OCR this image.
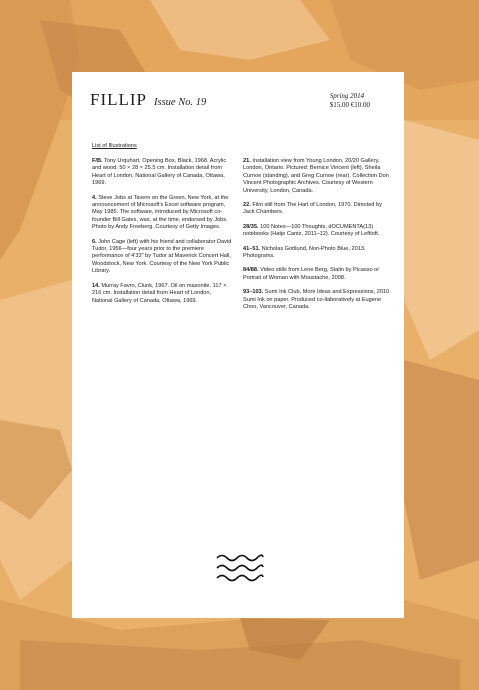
FILLIP Issue No. 19
Spring 2014
$15.00 €10.00
List of Illustrations
F/B. Tony Urquhart, Opening Box, Black, 1968. Acrylic and wood. 50 × 28 × 25.5 cm. Installation detail from Heart of London, National Gallery of Canada, Ottawa, 1969.
4. Steve Jobs at Tavern on the Green, New York, at the announcement of Microsoft's Excel software program, May 1985. The software, introduced by Microsoft co-founder Bill Gates, was, at the time, endorsed by Jobs. Photo by Andy Freeberg. Courtesy of Getty Images.
6. John Cage (left) with his friend and collaborator David Tudor, 1956—four years prior to the premiere performance of 4'33" by Tudor at Maverick Concert Hall, Woodstock, New York. Courtesy of the New York Public Library.
14. Murray Favro, Clunk, 1967. Oil on masonite. 117 × 216 cm. Installation detail from Heart of London, National Gallery of Canada, Ottawa, 1969.
21. Installation view from Young London, 20/20 Gallery, London, Ontario. Pictured: Bernice Vincent (left), Sheila Curnoe (standing), and Greg Curnoe (rear). Collection Don Vincent Photographic Archives. Courtesy of Western University, London, Canada.
22. Film still from The Hart of London, 1970. Directed by Jack Chambers.
28/35. 100 Notes—100 Thoughts, dOCUMENTA(13) notebooks (Hatje Cantz, 2011–12). Courtesy of Leftloft.
41–51. Nicholas Gottlund, Non-Photo Blue, 2013. Photograms.
84/88. Video stills from Lene Berg, Stalin by Picasso or Portrait of Woman with Moustache, 2008.
93–103. Sumi Ink Club, More Ideas and Expressions, 2010. Sumi Ink on paper. Produced co-llaboratively at Eugene Choo, Vancouver, Canada.
